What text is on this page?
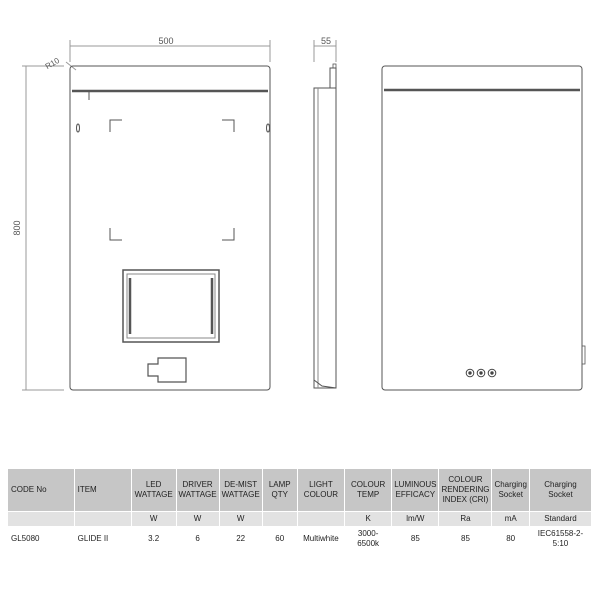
500
800
R10
55
CODE No	ITEM	LED WATTAGE	DRIVER WATTAGE	DE-MIST WATTAGE	LAMP QTY	LIGHT COLOUR	COLOUR TEMP	LUMINOUS EFFICACY	COLOUR RENDERING INDEX (CRI)	Charging Socket	Charging Socket
		W	W	W			K	lm/W	Ra	mA	Standard
GL5080	GLIDE II	3.2	6	22	60	Multiwhite	3000-6500k	85	85	80	IEC61558-2-5:10
